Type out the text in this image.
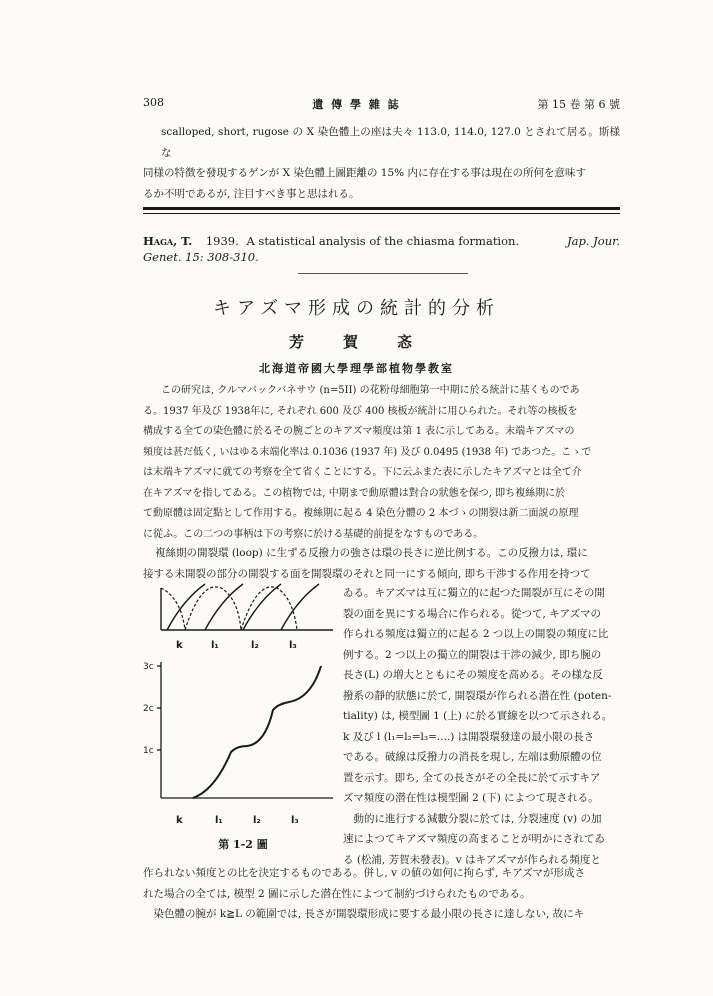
308	遺 傳 學 雜 誌	第 15 卷 第 6 號
scalloped, short, rugose の X 染色體上の座は夫々 113.0, 114.0, 127.0 とされて居る。斯様な
同様の特徴を發現するゲンが X 染色體上圖距離の 15% 内に存在する事は現在の所何を意味す
るか不明であるが, 注目すべき事と思はれる。
Haga, T. 1939. A statistical analysis of the chiasma formation.	Jap. Jour.
Genet. 15: 308-310.
キアズマ形成の統計的分析
芳　賀　忞
北海道帝國大學理學部植物學教室
この研究は, クルマバックバネサウ (n=5II) の花粉母細胞第一中期に於る統計に基くものであ
る。1937 年及び 1938年に, それぞれ 600 及び 400 核板が統計に用ひられた。それ等の核板を
構成する全ての染色體に於るその腕ごとのキアズマ頻度は第 1 表に示してある。末端キアズマの
頻度は甚だ低く, いはゆる末端化率は 0.1036 (1937 年) 及び 0.0495 (1938 年) であつた。こゝで
は末端キアズマに就ての考察を全て省くことにする。下に云ふまた表に示したキアズマとは全て介
在キアズマを指してゐる。この植物では, 中期まで動原體は對合の狀態を保つ, 即ち複絲期に於
て動原體は固定點として作用する。複絲期に起る 4 染色分體の 2 本づゝの開裂は新二面説の原理
に從ふ。この二つの事柄は下の考察に於ける基礎的前提をなすものである。
複絲期の開裂環 (loop) に生ずる反撥力の強さは環の長さに逆比例する。この反撥力は, 環に
接する未開裂の部分の開裂する面を開裂環のそれと同一にする傾向, 即ち干渉する作用を持つて
ゐる。キアズマは互に獨立的に起つた開裂が互にその開
裂の面を異にする場合に作られる。從つて, キアズマの
作られる頻度は獨立的に起る 2 つ以上の開裂の頻度に比
例する。2 つ以上の獨立的開裂は干渉の減少, 即ち腕の
長さ(L) の増大とともにその頻度を高める。その様な反
撥系の靜的狀態に於て, 開裂環が作られる潜在性 (poten-
tiality) は, 模型圖 1 (上) に於る實線を以つて示される。
k 及び l (l₁=l₂=l₃=....) は開裂環發達の最小限の長さ
である。破線は反撥力の消長を現し, 左端は動原體の位
置を示す。即ち, 全ての長さがその全長に於て示すキア
ズマ頻度の潜在性は模型圖 2 (下) によつて現される。
　動的に進行する減數分裂に於ては, 分裂速度 (v) の加
速によつてキアズマ頻度の高まることが明かにされてゐ
る (松浦, 芳賀未發表)。v はキアズマが作られる頻度と
k	l₁	l₂	l₃
3c
2c
1c
k	l₁	l₂	l₃
第 1-2 圖
作られない頻度との比を決定するものである。併し, v の値の如何に拘らず, キアズマが形成さ
れた場合の全ては, 模型 2 圖に示した潜在性によつて制約づけられたものである。
　染色體の腕が k≧L の範圍では, 長さが開裂環形成に要する最小限の長さに達しない, 故にキ
